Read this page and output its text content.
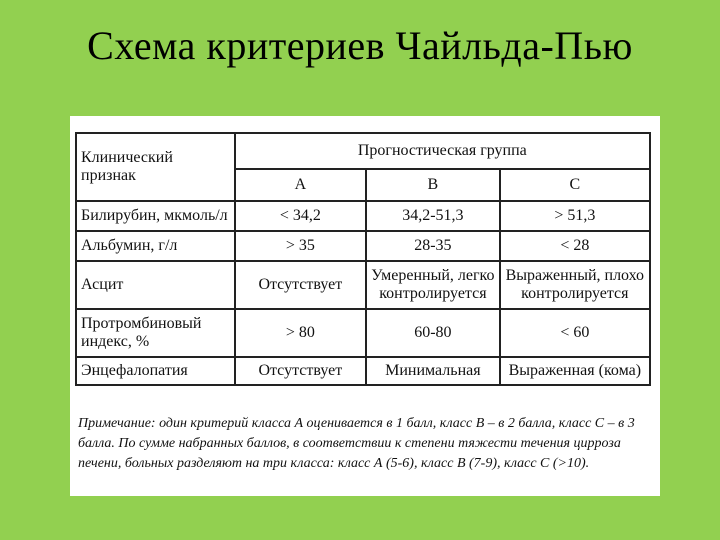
Схема критериев Чайльда-Пью
Клинический признак	Прогностическая группа		
	A	B	C
Билирубин, мкмоль/л	< 34,2	34,2-51,3	> 51,3
Альбумин, г/л	> 35	28-35	< 28
Асцит	Отсутствует	Умеренный, легко контролируется	Выраженный, плохо контролируется
Протромбиновый индекс, %	> 80	60-80	< 60
Энцефалопатия	Отсутствует	Минимальная	Выраженная (кома)
Примечание: один критерий класса А оценивается в 1 балл, класс B – в 2 балла, класс С – в 3 балла. По сумме набранных баллов, в соответствии к степени тяжести течения цирроза печени, больных разделяют на три класса: класс А (5-6), класс B (7-9), класс С (>10).
